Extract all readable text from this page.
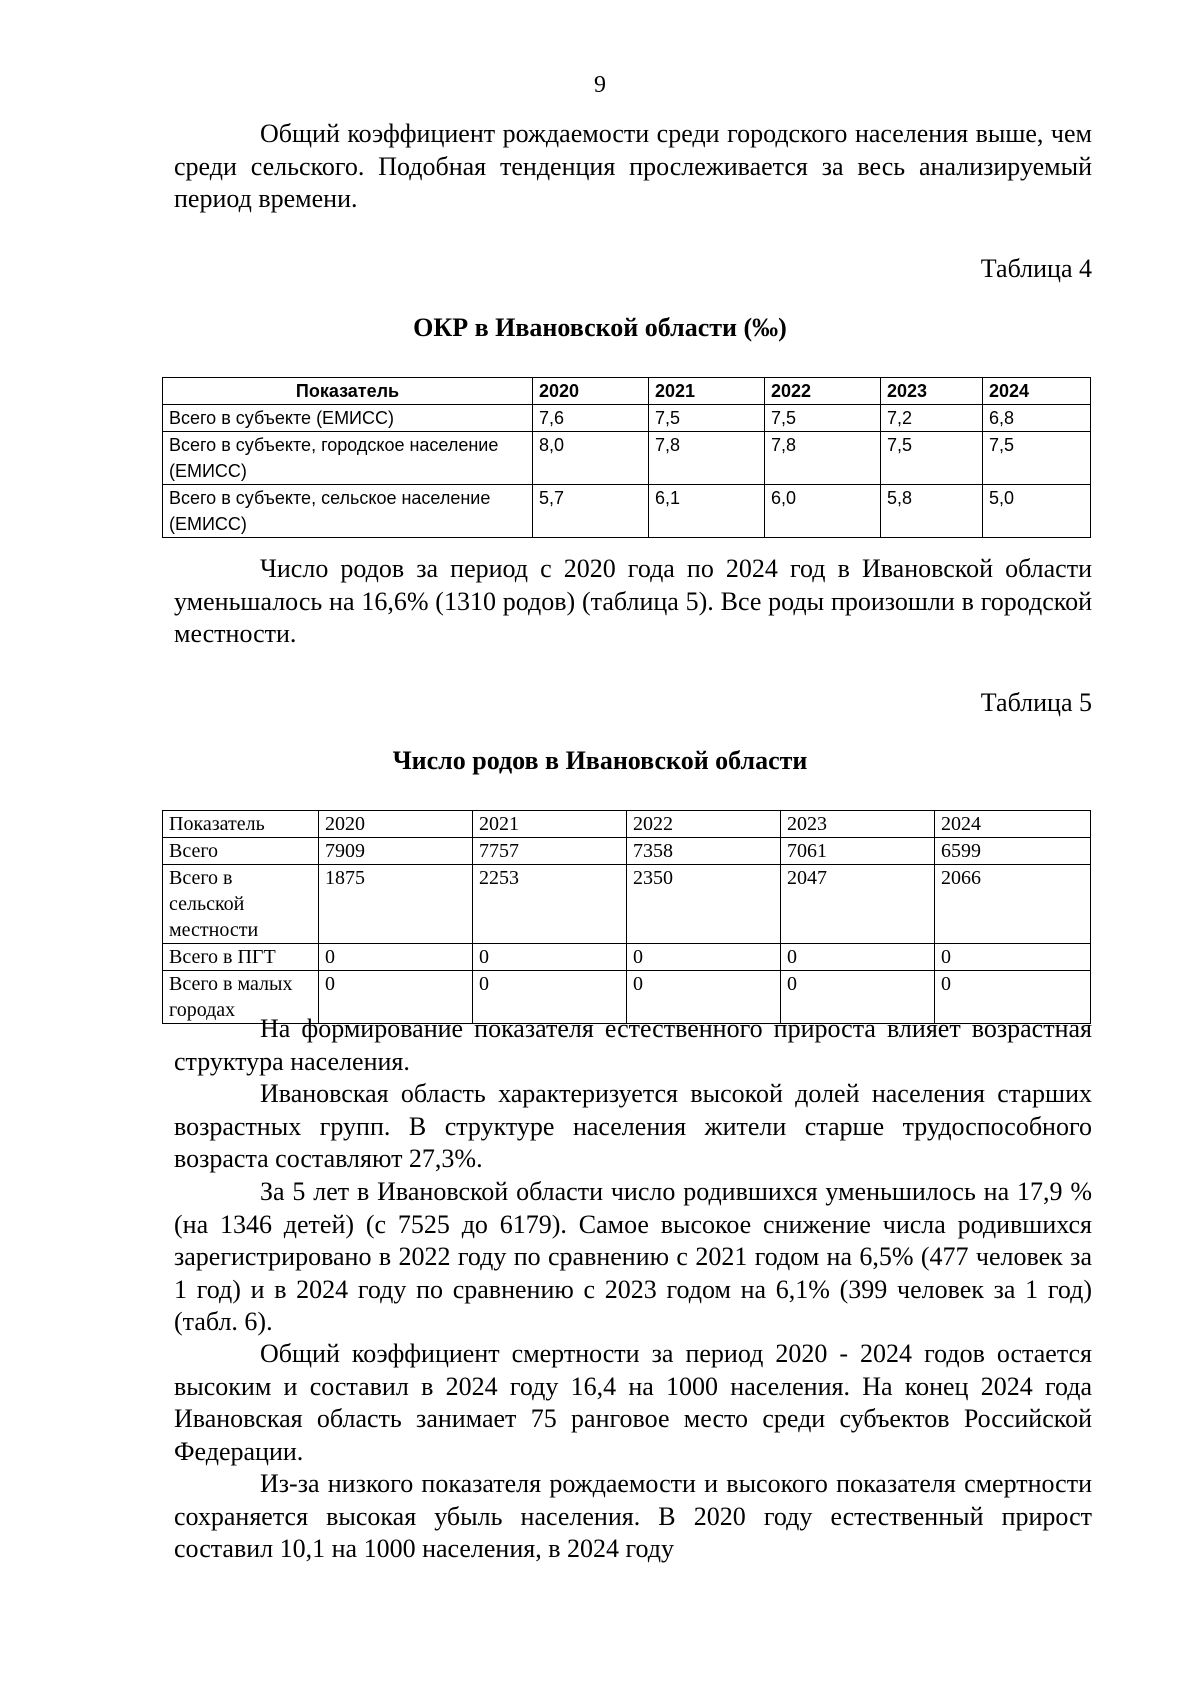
9

Общий коэффициент рождаемости среди городского населения выше, чем среди сельского. Подобная тенденция прослеживается за весь анализируемый период времени.

Таблица 4
ОКР в Ивановской области (‰)
Показатель	2020	2021	2022	2023	2024
Всего в субъекте (ЕМИСС)	7,6	7,5	7,5	7,2	6,8
Всего в субъекте, городское население (ЕМИСС)	8,0	7,8	7,8	7,5	7,5
Всего в субъекте, сельское население (ЕМИСС)	5,7	6,1	6,0	5,8	5,0

Число родов за период с 2020 года по 2024 год в Ивановской области уменьшалось на 16,6% (1310 родов) (таблица 5). Все роды произошли в городской местности.

Таблица 5
Число родов в Ивановской области
Показатель	2020	2021	2022	2023	2024
Всего	7909	7757	7358	7061	6599
Всего в сельской местности	1875	2253	2350	2047	2066
Всего в ПГТ	0	0	0	0	0
Всего в малых городах	0	0	0	0	0

На формирование показателя естественного прироста влияет возрастная структура населения.

Ивановская область характеризуется высокой долей населения старших возрастных групп. В структуре населения жители старше трудоспособного возраста составляют 27,3%.

За 5 лет в Ивановской области число родившихся уменьшилось на 17,9 % (на 1346 детей) (с 7525 до 6179). Самое высокое снижение числа родившихся зарегистрировано в 2022 году по сравнению с 2021 годом на 6,5% (477 человек за 1 год) и в 2024 году по сравнению с 2023 годом на 6,1% (399 человек за 1 год) (табл. 6).

Общий коэффициент смертности за период 2020 - 2024 годов остается высоким и составил в 2024 году 16,4 на 1000 населения. На конец 2024 года Ивановская область занимает 75 ранговое место среди субъектов Российской Федерации.

Из-за низкого показателя рождаемости и высокого показателя смертности сохраняется высокая убыль населения. В 2020 году естественный прирост составил 10,1 на 1000 населения, в 2024 году
